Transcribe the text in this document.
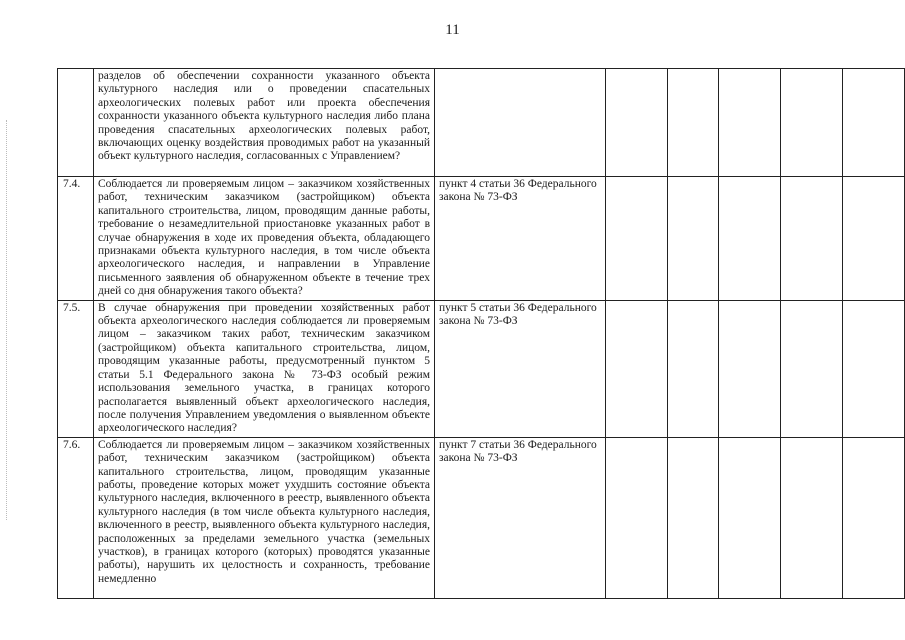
11
	разделов об обеспечении сохранности указанного объекта культурного наследия или о проведении спасательных археологических полевых работ или проекта обеспечения сохранности указанного объекта культурного наследия либо плана проведения спасательных археологических полевых работ, включающих оценку воздействия проводимых работ на указанный объект культурного наследия, согласованных с Управлением?							
7.4.	Соблюдается ли проверяемым лицом – заказчиком хозяйственных работ, техническим заказчиком (застройщиком) объекта капитального строительства, лицом, проводящим данные работы, требование о незамедлительной приостановке указанных работ в случае обнаружения в ходе их проведения объекта, обладающего признаками объекта культурного наследия, в том числе объекта археологического наследия, и направлении в Управление письменного заявления об обнаруженном объекте в течение трех дней со дня обнаружения такого объекта?	пункт 4 статьи 36 Федерального закона № 73-ФЗ						
7.5.	В случае обнаружения при проведении хозяйственных работ объекта археологического наследия соблюдается ли проверяемым лицом – заказчиком таких работ, техническим заказчиком (застройщиком) объекта капитального строительства, лицом, проводящим указанные работы, предусмотренный пунктом 5 статьи 5.1 Федерального закона № 73-ФЗ особый режим использования земельного участка, в границах которого располагается выявленный объект археологического наследия, после получения Управлением уведомления о выявленном объекте археологического наследия?	пункт 5 статьи 36 Федерального закона № 73-ФЗ						
7.6.	Соблюдается ли проверяемым лицом – заказчиком хозяйственных работ, техническим заказчиком (застройщиком) объекта капитального строительства, лицом, проводящим указанные работы, проведение которых может ухудшить состояние объекта культурного наследия, включенного в реестр, выявленного объекта культурного наследия (в том числе объекта культурного наследия, включенного в реестр, выявленного объекта культурного наследия, расположенных за пределами земельного участка (земельных участков), в границах которого (которых) проводятся указанные работы), нарушить их целостность и сохранность, требование немедленно	пункт 7 статьи 36 Федерального закона № 73-ФЗ						
